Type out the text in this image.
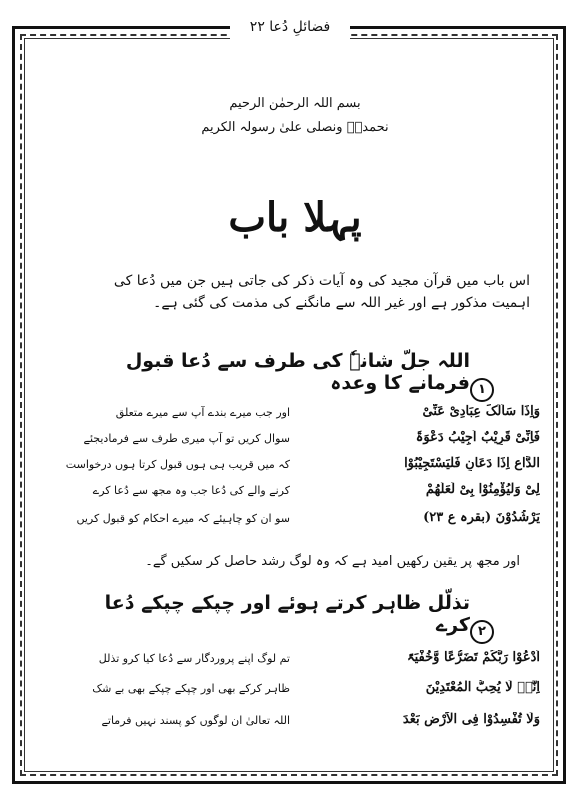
فضائلِ دُعا ۲۲
بسم اللہ الرحمٰن الرحیم
نحمدہٗ ونصلی علیٰ رسولہ الکریم
پہلا باب
اس باب میں قرآن مجید کی وہ آیات ذکر کی جاتی ہیں جن میں دُعا کی
اہمیت مذکور ہے اور غیر اللہ سے مانگنے کی مذمت کی گئی ہے۔
اللہ جلّ شانہٗ کی طرف سے دُعا قبول فرمانے کا وعدہ ۱
وَاِذَا سَاَلَکَ عِبَادِیْ عَنِّیْ
اور جب میرے بندے آپ سے میرے متعلق
فَاِنِّیْ قَرِیْبٌ اُجِیْبُ دَعْوَۃَ
سوال کریں تو آپ میری طرف سے فرمادیجئے
الدَّاعِ اِذَا دَعَانِ فَلْیَسْتَجِیْبُوْا
کہ میں قریب ہی ہوں قبول کرتا ہوں درخواست
لِیْ وَلْیُؤْمِنُوْا بِیْ لَعَلَّھُمْ
کرنے والے کی دُعا جب وہ مجھ سے دُعا کرے
یَرْشُدُوْنَ (بقرہ ع ۲۳)
سو ان کو چاہیئے کہ میرے احکام کو قبول کریں
اور مجھ پر یقین رکھیں امید ہے کہ وہ لوگ رشد حاصل کر سکیں گے۔
تذلّل ظاہر کرتے ہوئے اور چپکے چپکے دُعا کرے ۲
اُدْعُوْا رَبَّکُمْ تَضَرُّعًا وَّخُفْیَۃً
تم لوگ اپنے پروردگار سے دُعا کیا کرو تذلل
اِنَّہٗ لَا یُحِبُّ الْمُعْتَدِیْنَ
ظاہر کرکے بھی اور چپکے چپکے بھی بے شک
وَلَا تُفْسِدُوْا فِی الْاَرْضِ بَعْدَ
اللہ تعالیٰ ان لوگوں کو پسند نہیں فرماتے
